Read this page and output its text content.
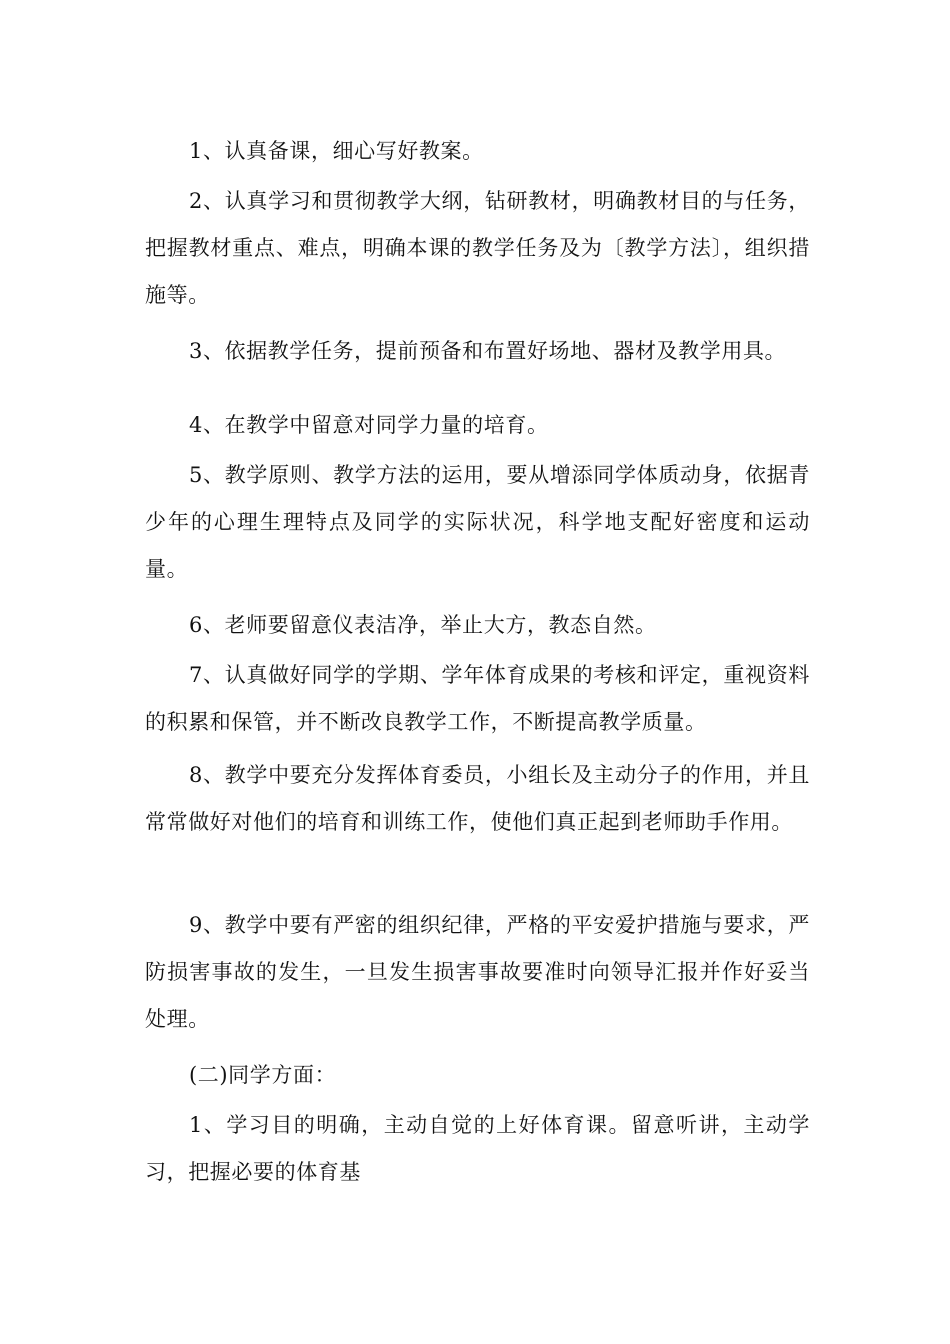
1、认真备课，细心写好教案。

2、认真学习和贯彻教学大纲，钻研教材，明确教材目的与任务，把握教材重点、难点，明确本课的教学任务及为〔教学方法〕，组织措施等。

3、依据教学任务，提前预备和布置好场地、器材及教学用具。

4、在教学中留意对同学力量的培育。

5、教学原则、教学方法的运用，要从增添同学体质动身，依据青少年的心理生理特点及同学的实际状况，科学地支配好密度和运动量。

6、老师要留意仪表洁净，举止大方，教态自然。

7、认真做好同学的学期、学年体育成果的考核和评定，重视资料的积累和保管，并不断改良教学工作，不断提高教学质量。

8、教学中要充分发挥体育委员，小组长及主动分子的作用，并且常常做好对他们的培育和训练工作，使他们真正起到老师助手作用。

9、教学中要有严密的组织纪律，严格的平安爱护措施与要求，严防损害事故的发生，一旦发生损害事故要准时向领导汇报并作好妥当处理。

(二)同学方面：

1、学习目的明确，主动自觉的上好体育课。留意听讲，主动学习，把握必要的体育基
